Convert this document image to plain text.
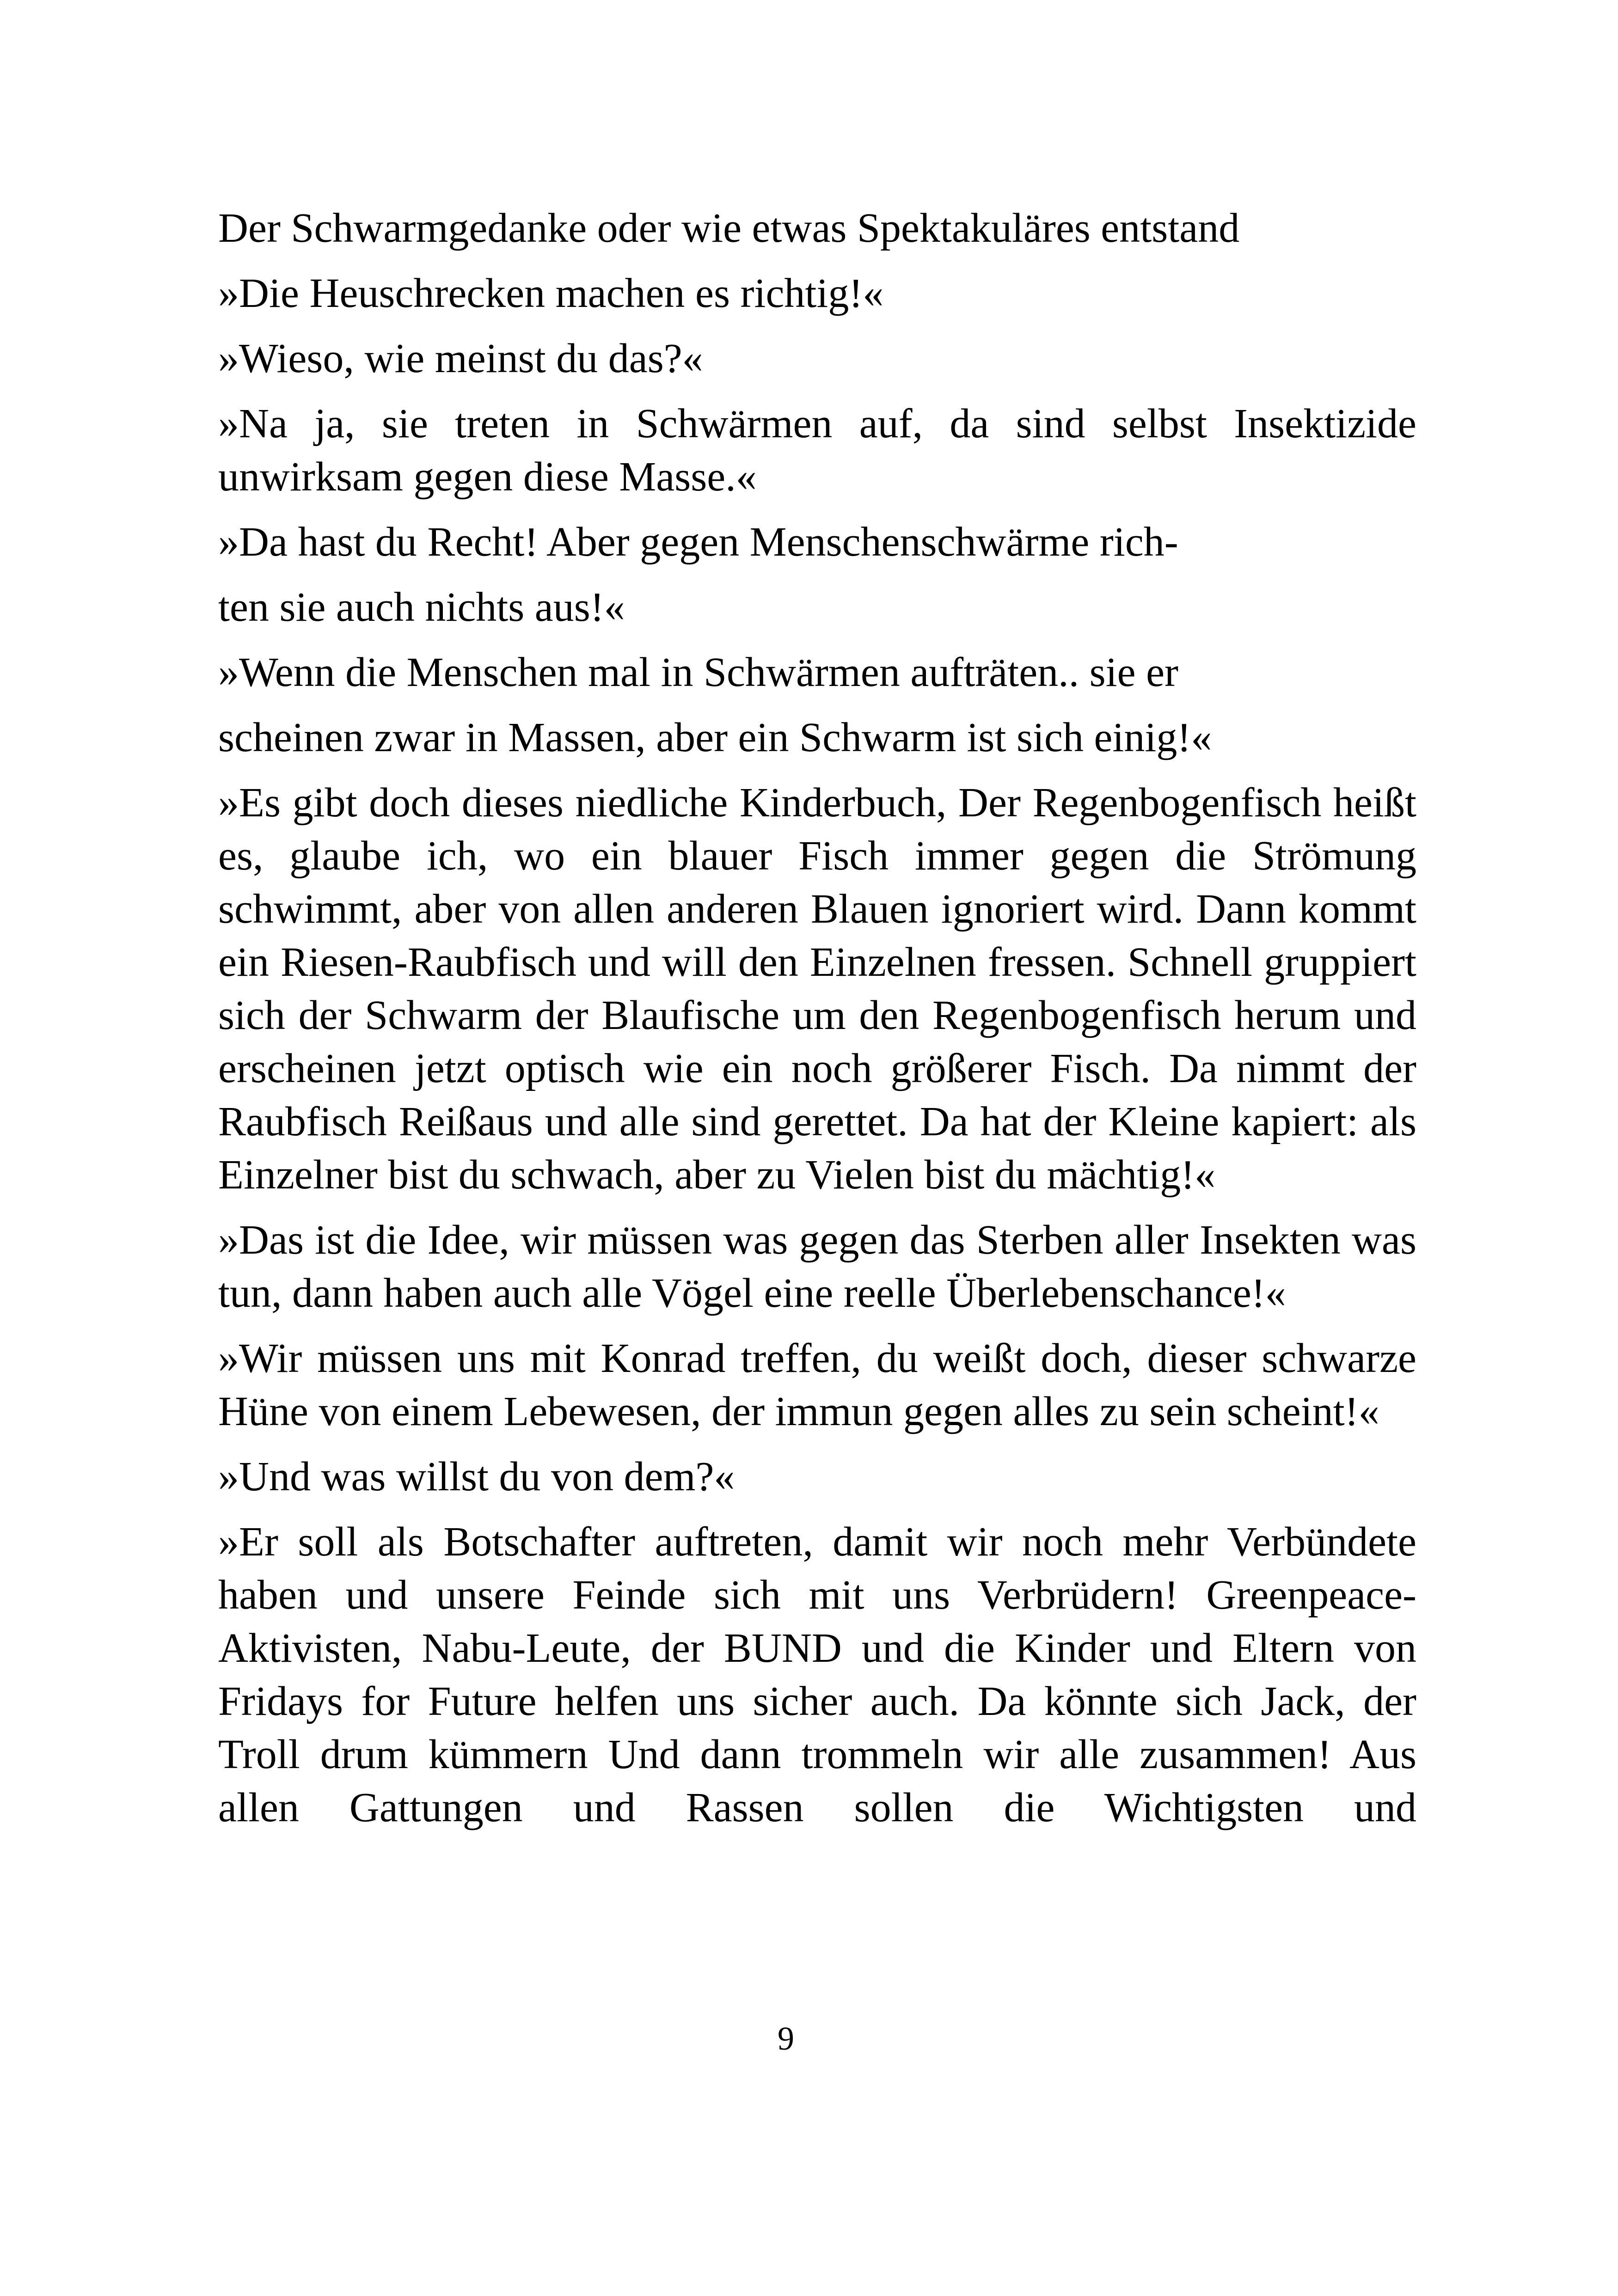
Der Schwarmgedanke oder wie etwas Spektakuläres entstand

»Die Heuschrecken machen es richtig!«

»Wieso, wie meinst du das?«

»Na ja, sie treten in Schwärmen auf, da sind selbst Insektizide unwirksam gegen diese Masse.«

»Da hast du Recht! Aber gegen Menschenschwärme rich-

ten sie auch nichts aus!«

»Wenn die Menschen mal in Schwärmen aufträten.. sie er

scheinen zwar in Massen, aber ein Schwarm ist sich einig!«

»Es gibt doch dieses niedliche Kinderbuch, Der Regenbogenfisch heißt es, glaube ich, wo ein blauer Fisch immer gegen die Strömung schwimmt, aber von allen anderen Blauen ignoriert wird. Dann kommt ein Riesen-Raubfisch und will den Einzelnen fressen. Schnell gruppiert sich der Schwarm der Blaufische um den Regenbogenfisch herum und erscheinen jetzt optisch wie ein noch größerer Fisch. Da nimmt der Raubfisch Reißaus und alle sind gerettet. Da hat der Kleine kapiert: als Einzelner bist du schwach, aber zu Vielen bist du mächtig!«

»Das ist die Idee, wir müssen was gegen das Sterben aller Insekten was tun, dann haben auch alle Vögel eine reelle Überlebenschance!«

»Wir müssen uns mit Konrad treffen, du weißt doch, dieser schwarze Hüne von einem Lebewesen, der immun gegen alles zu sein scheint!«

»Und was willst du von dem?«

»Er soll als Botschafter auftreten, damit wir noch mehr Verbündete haben und unsere Feinde sich mit uns Verbrüdern! Greenpeace-Aktivisten, Nabu-Leute, der BUND und die Kinder und Eltern von Fridays for Future helfen uns sicher auch. Da könnte sich Jack, der Troll drum kümmern Und dann trommeln wir alle zusammen! Aus allen Gattungen und Rassen sollen die Wichtigsten und

9
